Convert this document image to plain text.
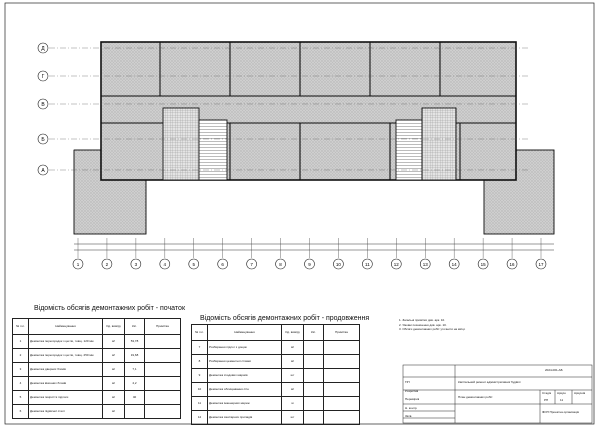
Д
Г
В
Б
А
1	2	3	4	5	6	7	8	9	10	11	12	13	14	15	16	17
Відомість обсягів демонтажних робіт - початок
№ п.п.	Найменування	Од. виміру	Кіл.	Примітка
1	Демонтаж перегородок з цегли, товщ. 120 мм	м³	53,78	
2	Демонтаж перегородок з цегли, товщ. 250 мм	м³	19,68	
3	Демонтаж дверних блоків	м²	7,1	
4	Демонтаж віконних блоків	м²	4,2	
5	Демонтаж покриття підлоги	м²	40	
6	Демонтаж підвісної стелі	м²		
Відомість обсягів демонтажних робіт - продовження
№ п.п.	Найменування	Од. виміру	Кіл.	Примітка
7	Розбирання підлог з дощок	м²		
8	Розбирання цементної стяжки	м²		
9	Демонтаж сходових маршів	шт		
10	Демонтаж облицювання стін	м²		
11	Демонтаж інженерних мереж	м		
12	Демонтаж санітарних приладів	шт		
1. Загальні примітки див. арк. 10.
2. Умовні позначення див. арк. 10.
3. Обсяги демонтажних робіт уточнити на місці.
2024-001-АБ
Капітальний ремонт адміністративної будівлі
План демонтажних робіт
Стадія Аркуш	Аркушів
РП	11
ФОП Проектна організація
ГІП
Розробив
Перевірив
Н. контр.
Затв.
